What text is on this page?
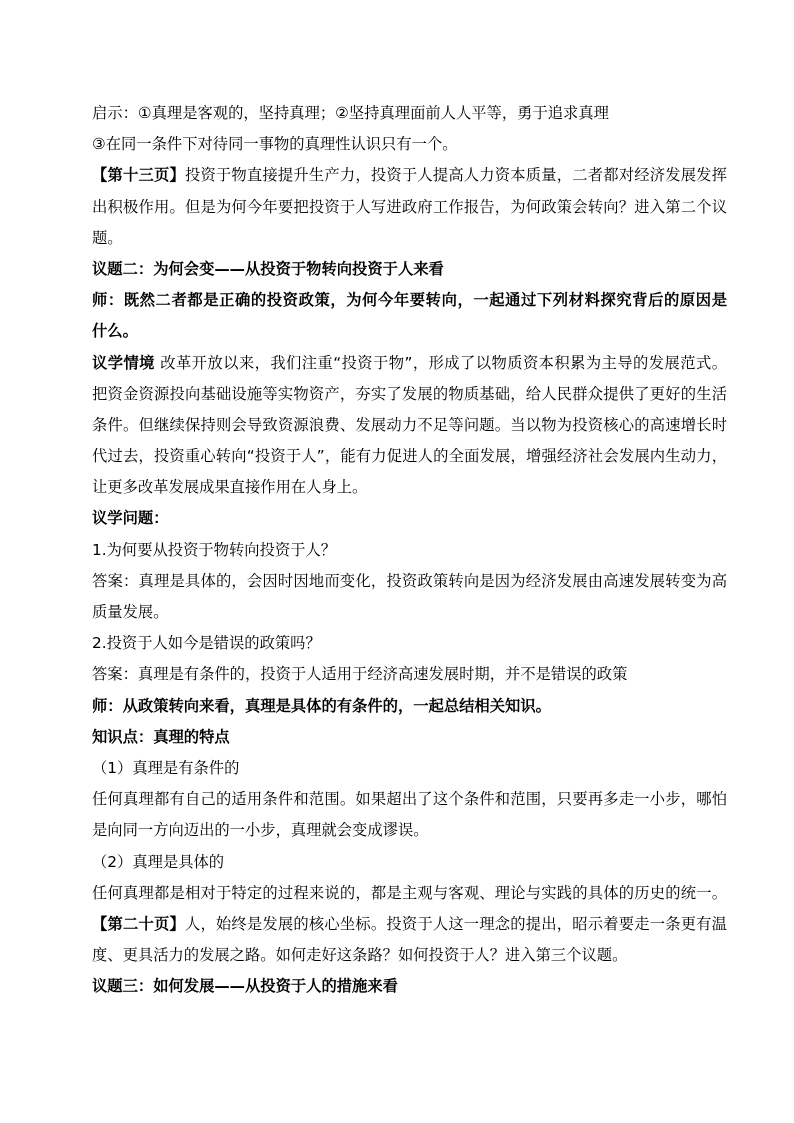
启示：①真理是客观的，坚持真理；②坚持真理面前人人平等，勇于追求真理
③在同一条件下对待同一事物的真理性认识只有一个。
【第十三页】投资于物直接提升生产力，投资于人提高人力资本质量，二者都对经济发展发挥
出积极作用。但是为何今年要把投资于人写进政府工作报告，为何政策会转向？进入第二个议
题。
议题二：为何会变——从投资于物转向投资于人来看
师：既然二者都是正确的投资政策，为何今年要转向，一起通过下列材料探究背后的原因是
什么。
议学情境 改革开放以来，我们注重“投资于物”，形成了以物质资本积累为主导的发展范式。
把资金资源投向基础设施等实物资产，夯实了发展的物质基础，给人民群众提供了更好的生活
条件。但继续保持则会导致资源浪费、发展动力不足等问题。当以物为投资核心的高速增长时
代过去，投资重心转向“投资于人”，能有力促进人的全面发展，增强经济社会发展内生动力，
让更多改革发展成果直接作用在人身上。
议学问题：
1.为何要从投资于物转向投资于人？
答案：真理是具体的，会因时因地而变化，投资政策转向是因为经济发展由高速发展转变为高
质量发展。
2.投资于人如今是错误的政策吗？
答案：真理是有条件的，投资于人适用于经济高速发展时期，并不是错误的政策
师：从政策转向来看，真理是具体的有条件的，一起总结相关知识。
知识点：真理的特点
（1）真理是有条件的
任何真理都有自己的适用条件和范围。如果超出了这个条件和范围，只要再多走一小步，哪怕
是向同一方向迈出的一小步，真理就会变成谬误。
（2）真理是具体的
任何真理都是相对于特定的过程来说的，都是主观与客观、理论与实践的具体的历史的统一。
【第二十页】人，始终是发展的核心坐标。投资于人这一理念的提出，昭示着要走一条更有温
度、更具活力的发展之路。如何走好这条路？如何投资于人？进入第三个议题。
议题三：如何发展——从投资于人的措施来看
